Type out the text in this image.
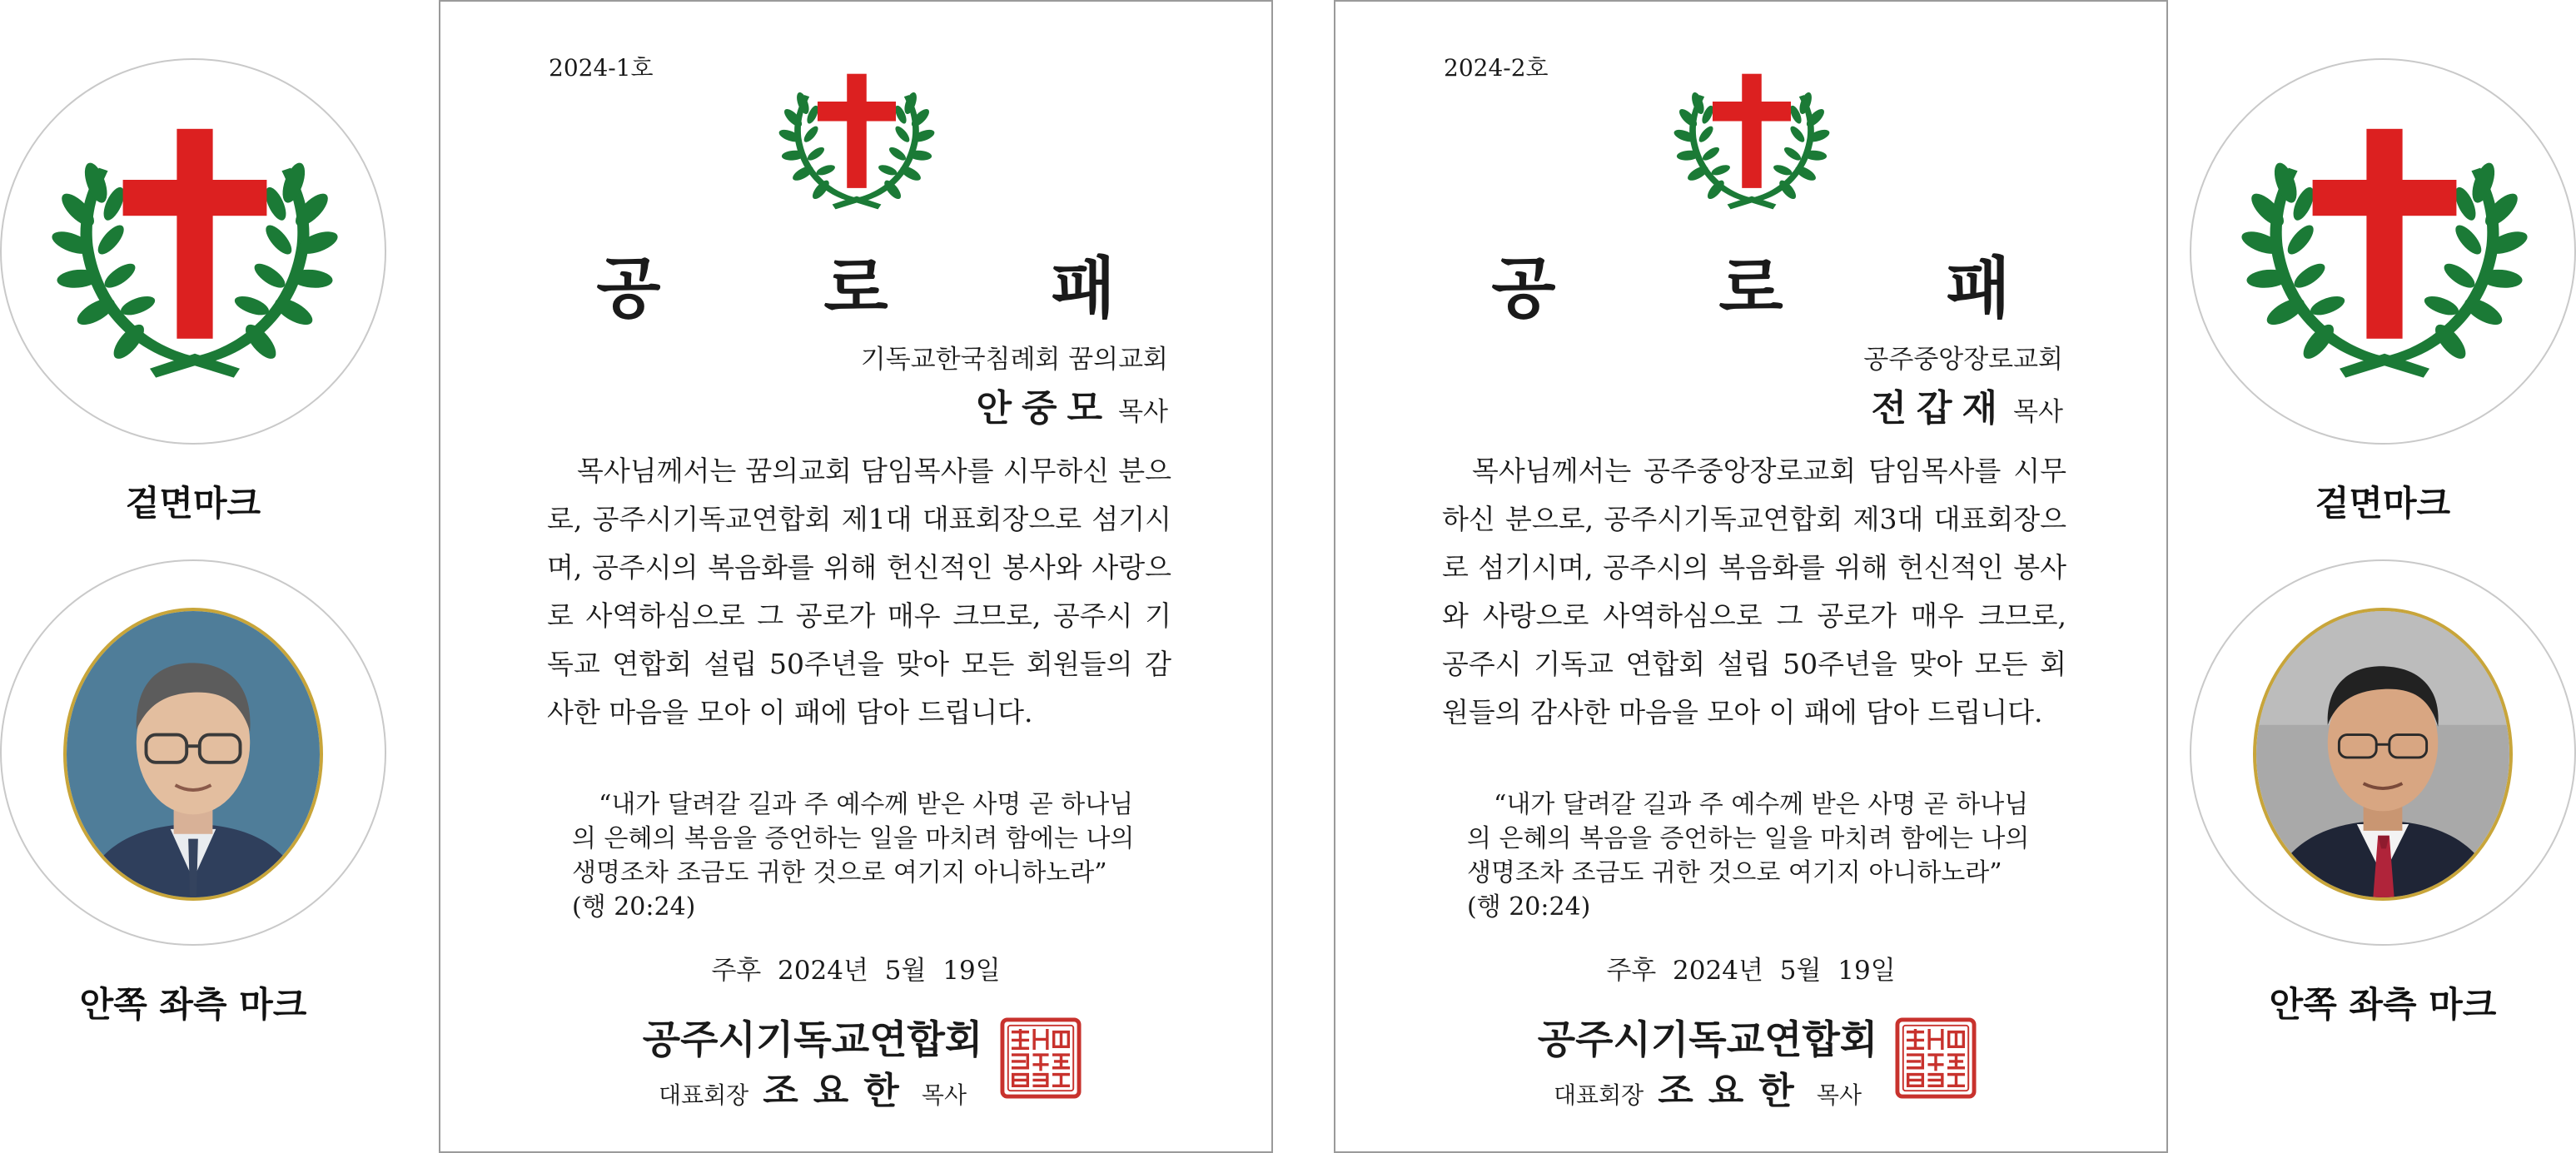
겉면마크
안쪽 좌측 마크
2024-1호
공 로 패
기독교한국침례회 꿈의교회
안중모 목사
목사님께서는 꿈의교회 담임목사를 시무하신 분으로, 공주시기독교연합회 제1대 대표회장으로 섬기시며, 공주시의 복음화를 위해 헌신적인 봉사와 사랑으로 사역하심으로 그 공로가 매우 크므로, 공주시 기독교 연합회 설립 50주년을 맞아 모든 회원들의 감사한 마음을 모아 이 패에 담아 드립니다.
“내가 달려갈 길과 주 예수께 받은 사명 곧 하나님의 은혜의 복음을 증언하는 일을 마치려 함에는 나의 생명조차 조금도 귀한 것으로 여기지 아니하노라” (행 20:24)
주후 2024년 5월 19일
공주시기독교연합회
대표회장 조요한 목사
2024-2호
공 로 패
공주중앙장로교회
전갑재 목사
목사님께서는 공주중앙장로교회 담임목사를 시무하신 분으로, 공주시기독교연합회 제3대 대표회장으로 섬기시며, 공주시의 복음화를 위해 헌신적인 봉사와 사랑으로 사역하심으로 그 공로가 매우 크므로, 공주시 기독교 연합회 설립 50주년을 맞아 모든 회원들의 감사한 마음을 모아 이 패에 담아 드립니다.
“내가 달려갈 길과 주 예수께 받은 사명 곧 하나님의 은혜의 복음을 증언하는 일을 마치려 함에는 나의 생명조차 조금도 귀한 것으로 여기지 아니하노라” (행 20:24)
주후 2024년 5월 19일
공주시기독교연합회
대표회장 조요한 목사
겉면마크
안쪽 좌측 마크
